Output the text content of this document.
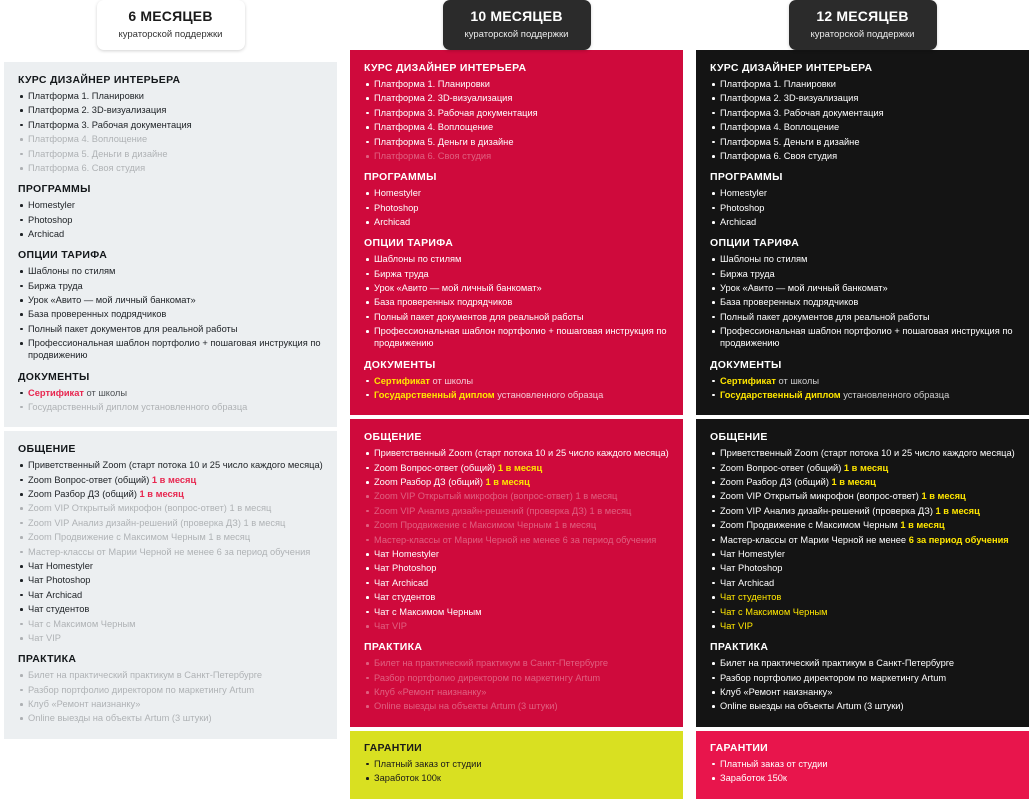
6 МЕСЯЦЕВ
кураторской поддержки
КУРС ДИЗАЙНЕР ИНТЕРЬЕРА
Платформа 1. Планировки
Платформа 2. 3D-визуализация
Платформа 3. Рабочая документация
Платформа 4. Воплощение
Платформа 5. Деньги в дизайне
Платформа 6. Своя студия
ПРОГРАММЫ
Homestyler
Photoshop
Archicad
ОПЦИИ ТАРИФА
Шаблоны по стилям
Биржа труда
Урок «Авито — мой личный банкомат»
База проверенных подрядчиков
Полный пакет документов для реальной работы
Профессиональная шаблон портфолио + пошаговая инструкция по продвижению
ДОКУМЕНТЫ
Сертификат от школы
Государственный диплом установленного образца
ОБЩЕНИЕ
Приветственный Zoom (старт потока 10 и 25 число каждого месяца)
Zoom Вопрос-ответ (общий) 1 в месяц
Zoom Разбор ДЗ (общий) 1 в месяц
Zoom VIP Открытый микрофон (вопрос-ответ) 1 в месяц
Zoom VIP Анализ дизайн-решений (проверка ДЗ) 1 в месяц
Zoom Продвижение с Максимом Черным 1 в месяц
Мастер-классы от Марии Черной не менее 6 за период обучения
Чат Homestyler
Чат Photoshop
Чат Archicad
Чат студентов
Чат с Максимом Черным
Чат VIP
ПРАКТИКА
Билет на практический практикум в Санкт-Петербурге
Разбор портфолио директором по маркетингу Artum
Клуб «Ремонт наизнанку»
Online выезды на объекты Artum (3 штуки)
10 МЕСЯЦЕВ
кураторской поддержки
КУРС ДИЗАЙНЕР ИНТЕРЬЕРА
Платформа 1. Планировки
Платформа 2. 3D-визуализация
Платформа 3. Рабочая документация
Платформа 4. Воплощение
Платформа 5. Деньги в дизайне
Платформа 6. Своя студия
ПРОГРАММЫ
Homestyler
Photoshop
Archicad
ОПЦИИ ТАРИФА
Шаблоны по стилям
Биржа труда
Урок «Авито — мой личный банкомат»
База проверенных подрядчиков
Полный пакет документов для реальной работы
Профессиональная шаблон портфолио + пошаговая инструкция по продвижению
ДОКУМЕНТЫ
Сертификат от школы
Государственный диплом установленного образца
ОБЩЕНИЕ
Приветственный Zoom (старт потока 10 и 25 число каждого месяца)
Zoom Вопрос-ответ (общий) 1 в месяц
Zoom Разбор ДЗ (общий) 1 в месяц
Zoom VIP Открытый микрофон (вопрос-ответ) 1 в месяц
Zoom VIP Анализ дизайн-решений (проверка ДЗ) 1 в месяц
Zoom Продвижение с Максимом Черным 1 в месяц
Мастер-классы от Марии Черной не менее 6 за период обучения
Чат Homestyler
Чат Photoshop
Чат Archicad
Чат студентов
Чат с Максимом Черным
Чат VIP
ПРАКТИКА
Билет на практический практикум в Санкт-Петербурге
Разбор портфолио директором по маркетингу Artum
Клуб «Ремонт наизнанку»
Online выезды на объекты Artum (3 штуки)
ГАРАНТИИ
Платный заказ от студии
Заработок 100к
12 МЕСЯЦЕВ
кураторской поддержки
КУРС ДИЗАЙНЕР ИНТЕРЬЕРА
Платформа 1. Планировки
Платформа 2. 3D-визуализация
Платформа 3. Рабочая документация
Платформа 4. Воплощение
Платформа 5. Деньги в дизайне
Платформа 6. Своя студия
ПРОГРАММЫ
Homestyler
Photoshop
Archicad
ОПЦИИ ТАРИФА
Шаблоны по стилям
Биржа труда
Урок «Авито — мой личный банкомат»
База проверенных подрядчиков
Полный пакет документов для реальной работы
Профессиональная шаблон портфолио + пошаговая инструкция по продвижению
ДОКУМЕНТЫ
Сертификат от школы
Государственный диплом установленного образца
ОБЩЕНИЕ
Приветственный Zoom (старт потока 10 и 25 число каждого месяца)
Zoom Вопрос-ответ (общий) 1 в месяц
Zoom Разбор ДЗ (общий) 1 в месяц
Zoom VIP Открытый микрофон (вопрос-ответ) 1 в месяц
Zoom VIP Анализ дизайн-решений (проверка ДЗ) 1 в месяц
Zoom Продвижение с Максимом Черным 1 в месяц
Мастер-классы от Марии Черной не менее 6 за период обучения
Чат Homestyler
Чат Photoshop
Чат Archicad
Чат студентов
Чат с Максимом Черным
Чат VIP
ПРАКТИКА
Билет на практический практикум в Санкт-Петербурге
Разбор портфолио директором по маркетингу Artum
Клуб «Ремонт наизнанку»
Online выезды на объекты Artum (3 штуки)
ГАРАНТИИ
Платный заказ от студии
Заработок 150к
